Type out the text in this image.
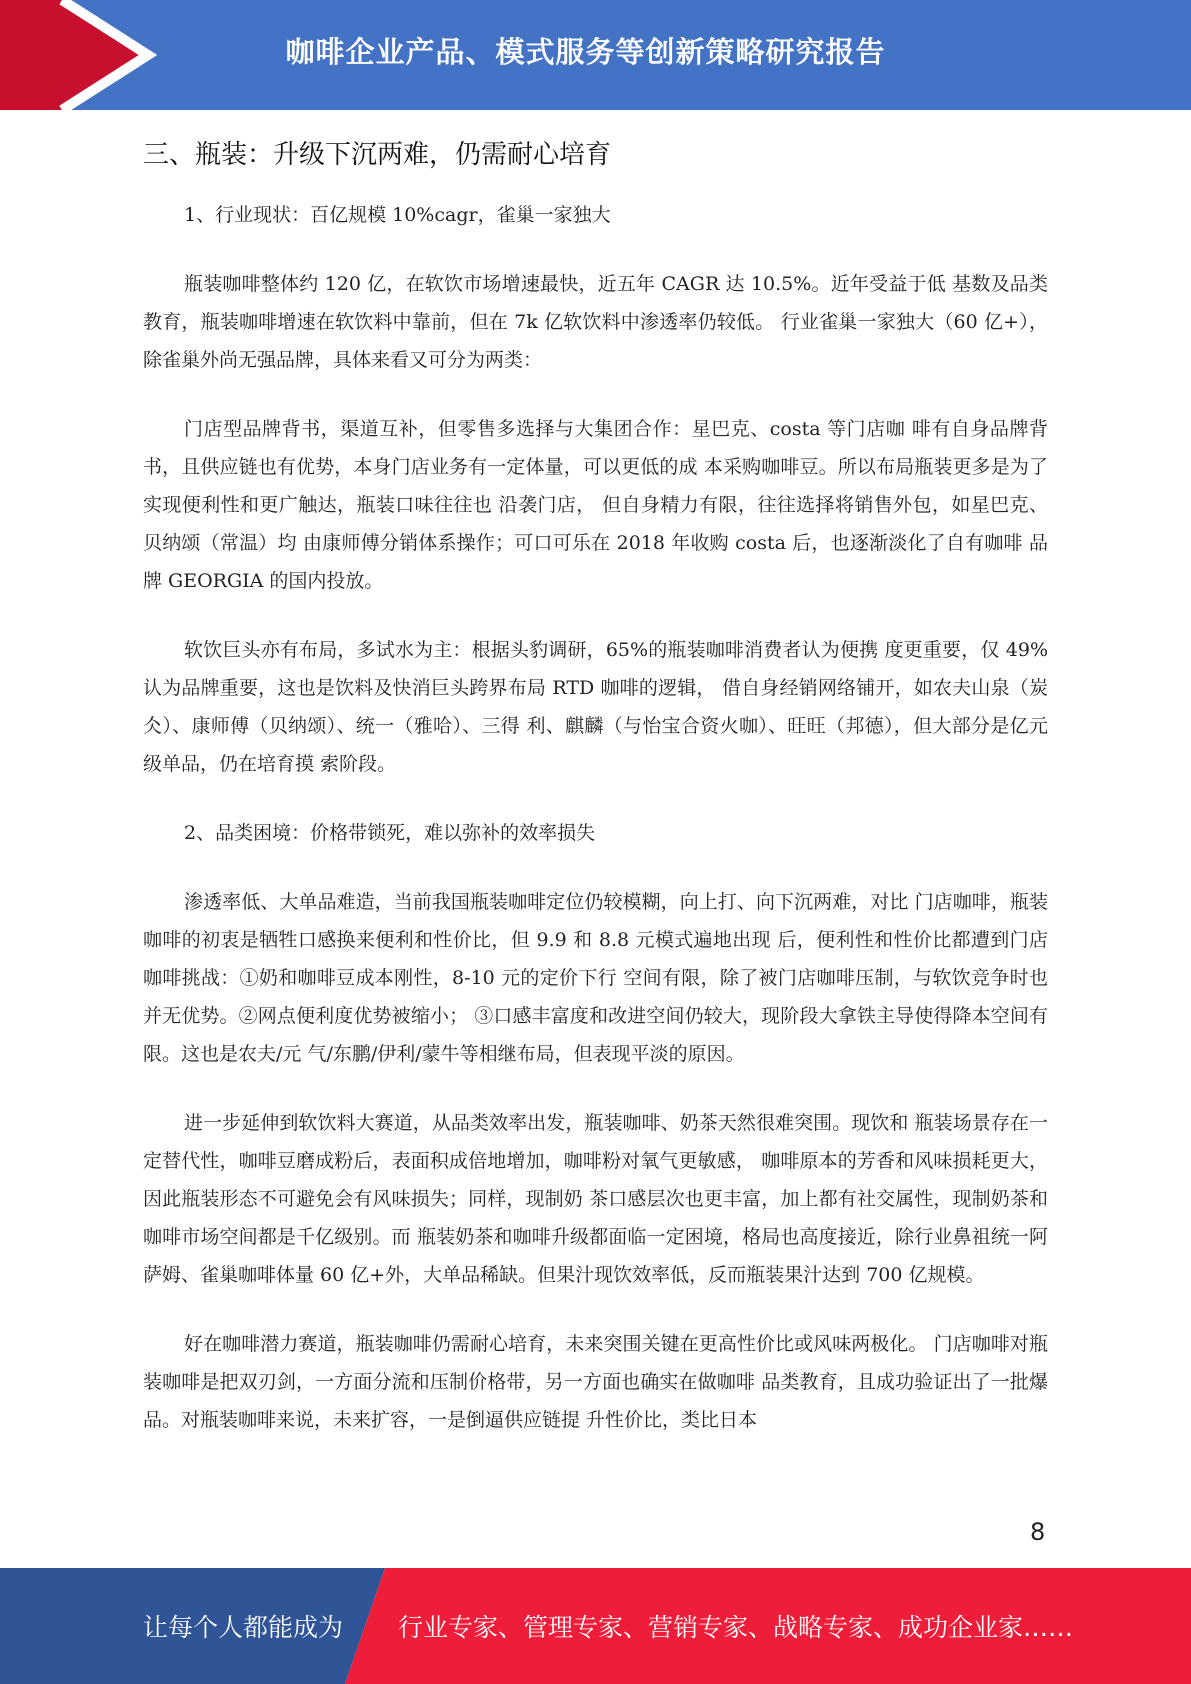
咖啡企业产品、模式服务等创新策略研究报告
三、瓶装：升级下沉两难，仍需耐心培育

1、行业现状：百亿规模 10%cagr，雀巢一家独大

瓶装咖啡整体约 120 亿，在软饮市场增速最快，近五年 CAGR 达 10.5%。近年受益于低 基数及品类教育，瓶装咖啡增速在软饮料中靠前，但在 7k 亿软饮料中渗透率仍较低。 行业雀巢一家独大（60 亿+），除雀巢外尚无强品牌，具体来看又可分为两类：

门店型品牌背书，渠道互补，但零售多选择与大集团合作：星巴克、costa 等门店咖 啡有自身品牌背书，且供应链也有优势，本身门店业务有一定体量，可以更低的成 本采购咖啡豆。所以布局瓶装更多是为了实现便利性和更广触达，瓶装口味往往也 沿袭门店， 但自身精力有限，往往选择将销售外包，如星巴克、贝纳颂（常温）均 由康师傅分销体系操作；可口可乐在 2018 年收购 costa 后，也逐渐淡化了自有咖啡 品牌 GEORGIA 的国内投放。

软饮巨头亦有布局，多试水为主：根据头豹调研，65%的瓶装咖啡消费者认为便携 度更重要，仅 49%认为品牌重要，这也是饮料及快消巨头跨界布局 RTD 咖啡的逻辑， 借自身经销网络铺开，如农夫山泉（炭仌）、康师傅（贝纳颂）、统一（雅哈）、三得 利、麒麟（与怡宝合资火咖）、旺旺（邦德），但大部分是亿元级单品，仍在培育摸 索阶段。

2、品类困境：价格带锁死，难以弥补的效率损失

渗透率低、大单品难造，当前我国瓶装咖啡定位仍较模糊，向上打、向下沉两难，对比 门店咖啡，瓶装咖啡的初衷是牺牲口感换来便利和性价比，但 9.9 和 8.8 元模式遍地出现 后，便利性和性价比都遭到门店咖啡挑战：①奶和咖啡豆成本刚性，8-10 元的定价下行 空间有限，除了被门店咖啡压制，与软饮竞争时也并无优势。②网点便利度优势被缩小； ③口感丰富度和改进空间仍较大，现阶段大拿铁主导使得降本空间有限。这也是农夫/元 气/东鹏/伊利/蒙牛等相继布局，但表现平淡的原因。

进一步延伸到软饮料大赛道，从品类效率出发，瓶装咖啡、奶茶天然很难突围。现饮和 瓶装场景存在一定替代性，咖啡豆磨成粉后，表面积成倍地增加，咖啡粉对氧气更敏感， 咖啡原本的芳香和风味损耗更大，因此瓶装形态不可避免会有风味损失；同样，现制奶 茶口感层次也更丰富，加上都有社交属性，现制奶茶和咖啡市场空间都是千亿级别。而 瓶装奶茶和咖啡升级都面临一定困境，格局也高度接近，除行业鼻祖统一阿萨姆、雀巢咖啡体量 60 亿+外，大单品稀缺。但果汁现饮效率低，反而瓶装果汁达到 700 亿规模。

好在咖啡潜力赛道，瓶装咖啡仍需耐心培育，未来突围关键在更高性价比或风味两极化。 门店咖啡对瓶装咖啡是把双刃剑，一方面分流和压制价格带，另一方面也确实在做咖啡 品类教育，且成功验证出了一批爆品。对瓶装咖啡来说，未来扩容，一是倒逼供应链提 升性价比，类比日本

8
让每个人都能成为 行业专家、管理专家、营销专家、战略专家、成功企业家……
